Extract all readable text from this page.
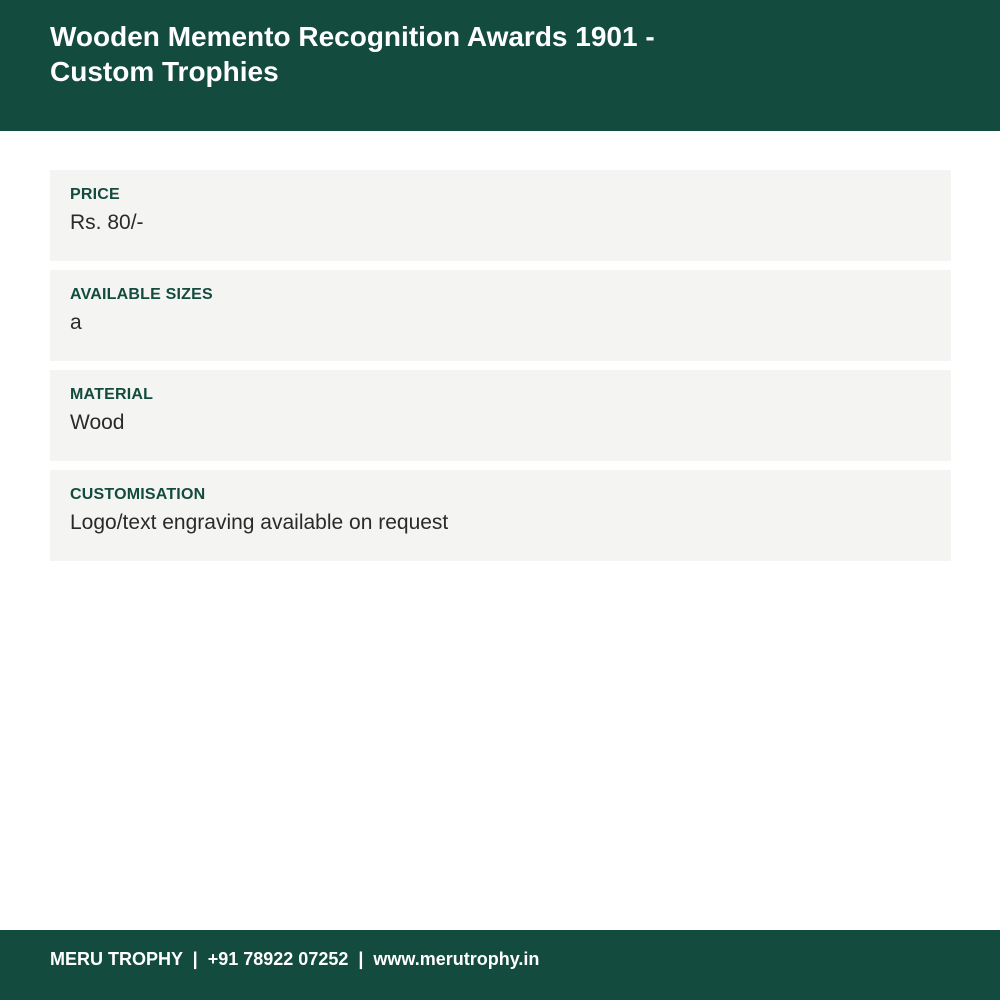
Wooden Memento Recognition Awards 1901 - Custom Trophies
PRICE
Rs. 80/-
AVAILABLE SIZES
a
MATERIAL
Wood
CUSTOMISATION
Logo/text engraving available on request
MERU TROPHY  |  +91 78922 07252  |  www.merutrophy.in
